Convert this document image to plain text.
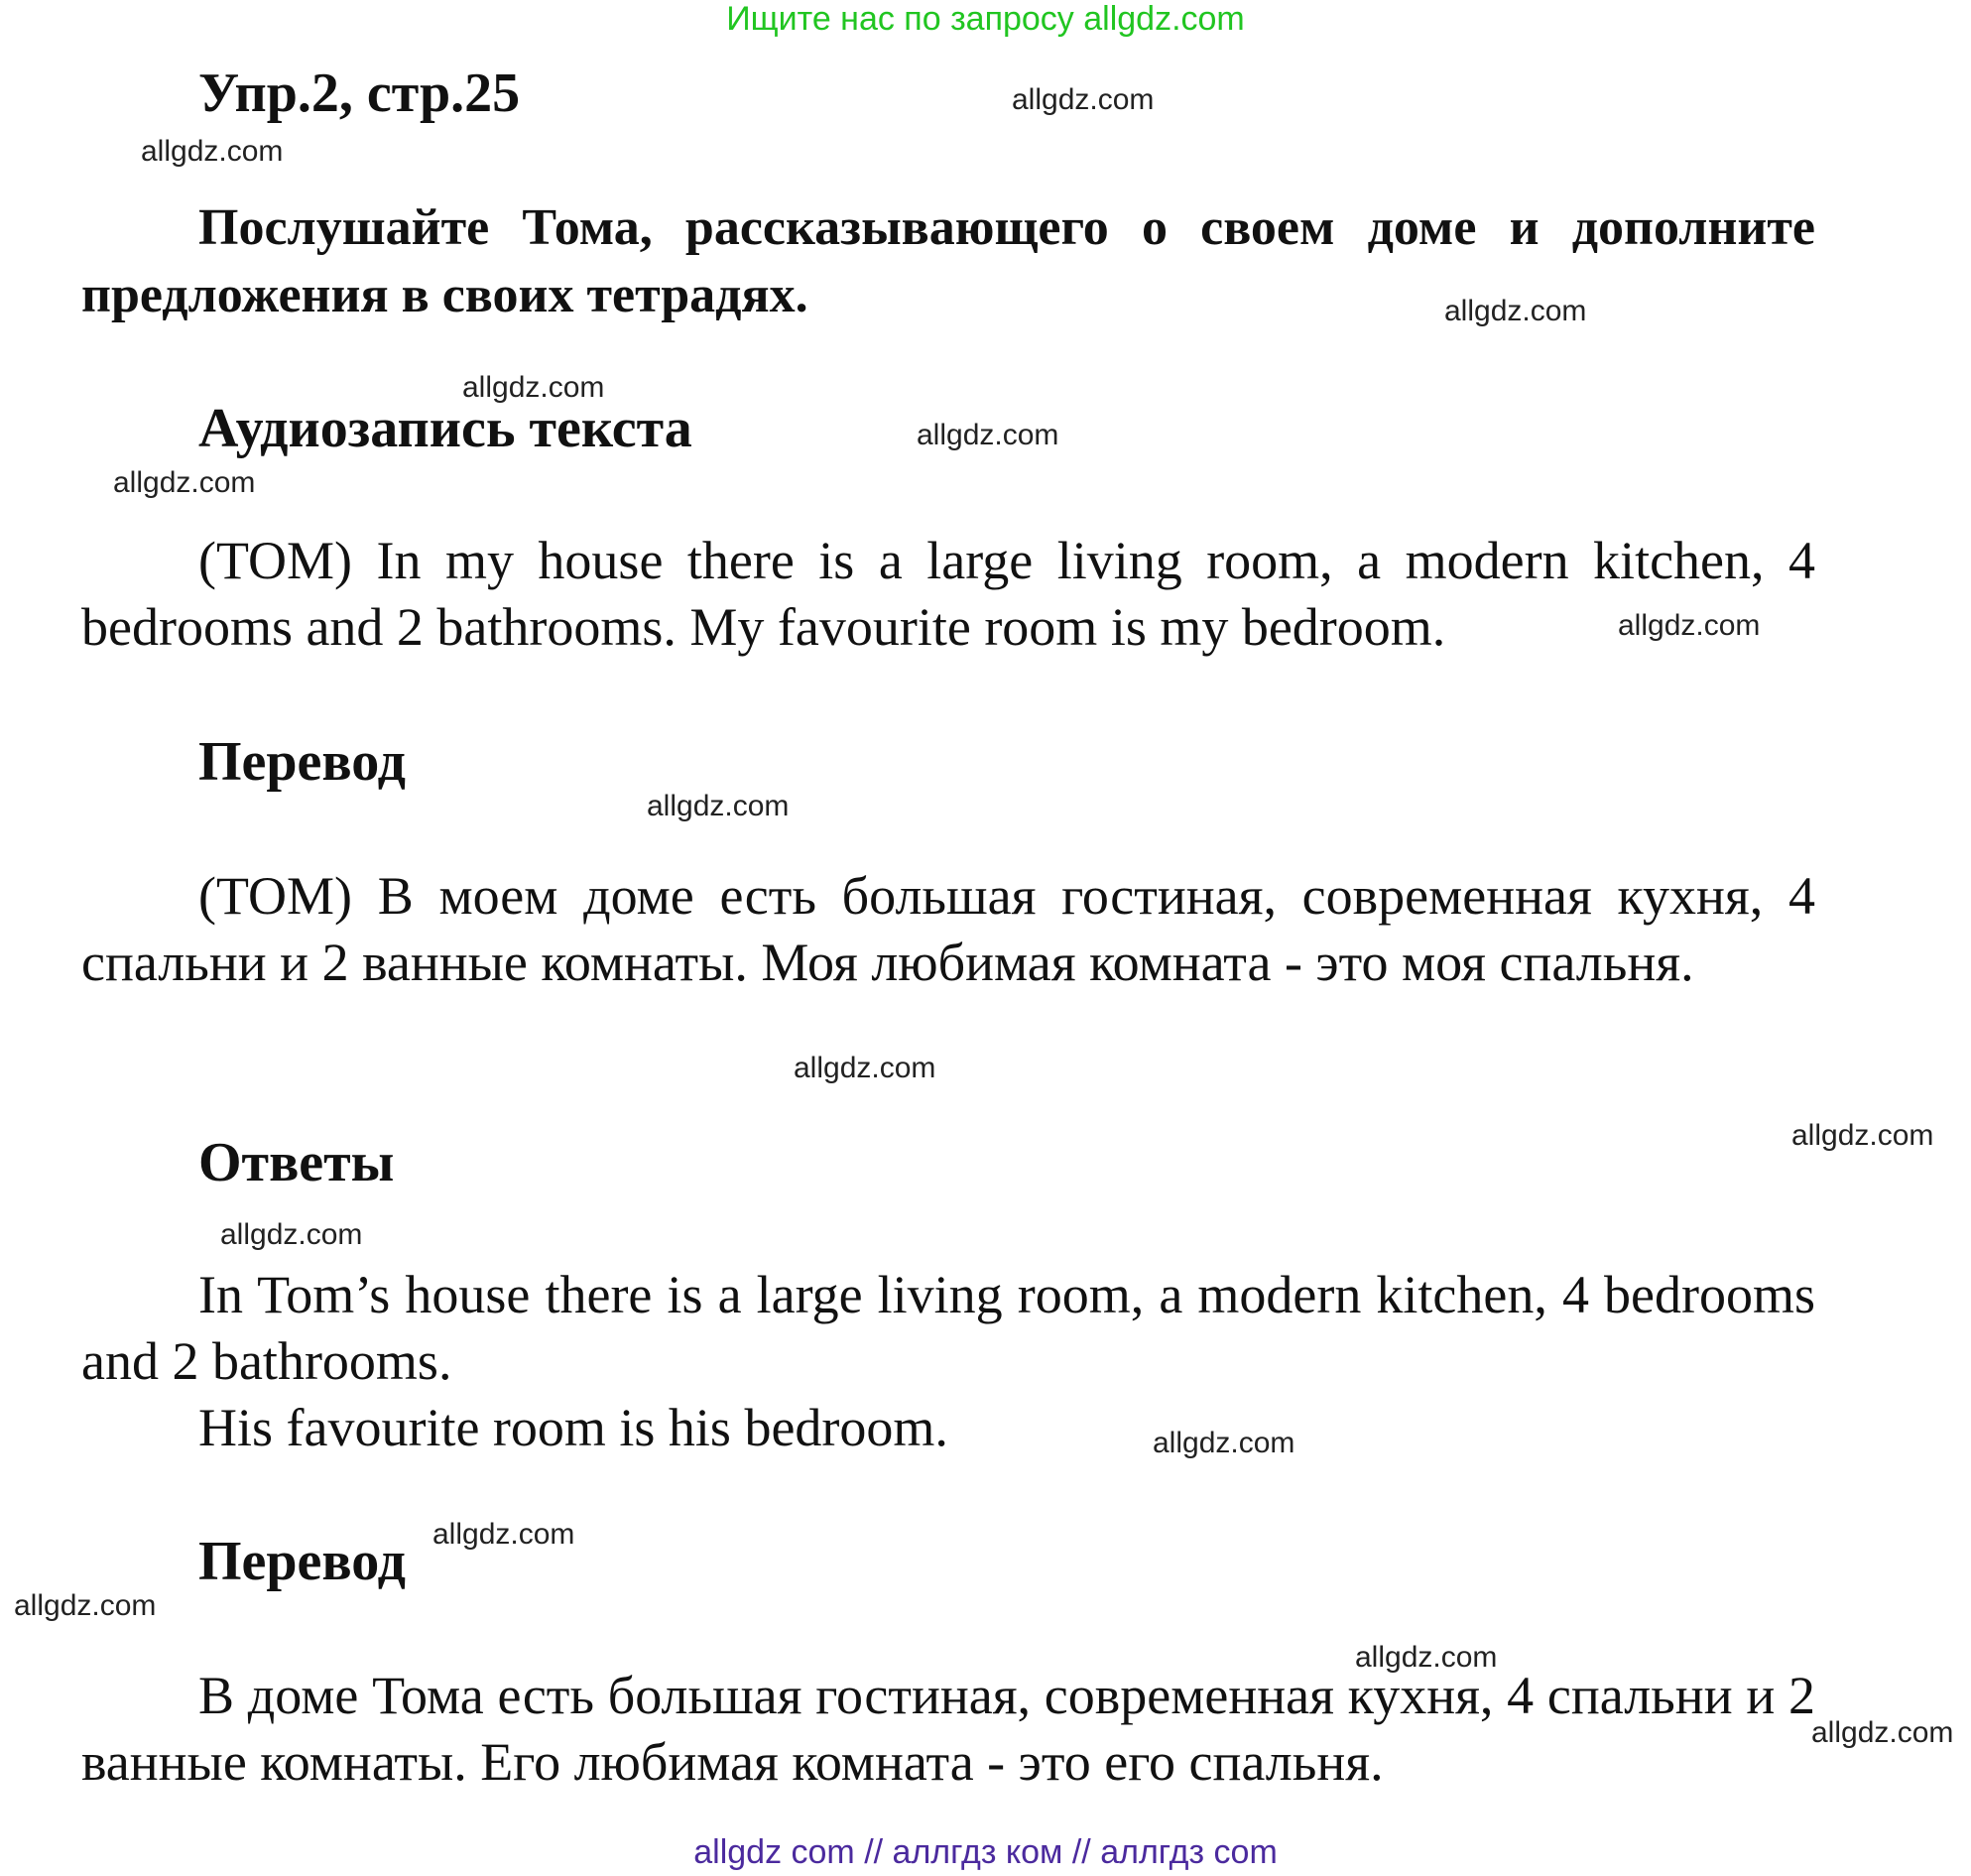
Ищите нас по запросу allgdz.com
Упр.2, стр.25
Послушайте Тома, рассказывающего о своем доме и дополните предложения в своих тетрадях.
Аудиозапись текста
(TOM) In my house there is a large living room, a modern kitchen, 4 bedrooms and 2 bathrooms. My favourite room is my bedroom.
Перевод
(TOM) В моем доме есть большая гостиная, современная кухня, 4 спальни и 2 ванные комнаты. Моя любимая комната - это моя спальня.
Ответы
In Tom’s house there is a large living room, a modern kitchen, 4 bedrooms and 2 bathrooms.
His favourite room is his bedroom.
Перевод
В доме Тома есть большая гостиная, современная кухня, 4 спальни и 2 ванные комнаты. Его любимая комната - это его спальня.
allgdz.com
allgdz.com
allgdz.com
allgdz.com
allgdz.com
allgdz.com
allgdz.com
allgdz.com
allgdz.com
allgdz.com
allgdz.com
allgdz.com
allgdz.com
allgdz.com
allgdz.com
allgdz.com
allgdz com // аллгдз ком // аллгдз com
